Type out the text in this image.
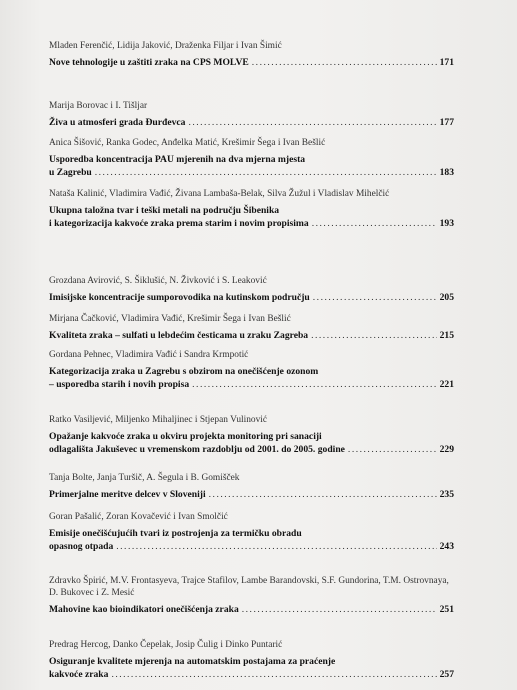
Mladen Ferenčić, Lidija Jaković, Draženka Filjar i Ivan Šimić

Nove tehnologije u zaštiti zraka na CPS MOLVE .....	171

Marija Borovac i I. Tišljar

Živa u atmosferi grada Đurđevca .....	177

Anica Šišović, Ranka Godec, Anđelka Matić, Krešimir Šega i Ivan Bešlić

Usporedba koncentracija PAU mjerenih na dva mjerna mjesta
u Zagrebu .....	183

Nataša Kalinić, Vladimira Vađić, Živana Lambaša-Belak, Silva Žužul i Vladislav Mihelčić

Ukupna taložna tvar i teški metali na području Šibenika
i kategorizacija kakvoće zraka prema starim i novim propisima .....	193

Grozdana Avirović, S. Šiklušić, N. Živković i S. Leaković

Imisijske koncentracije sumporovodika na kutinskom području .....	205

Mirjana Čačković, Vladimira Vađić, Krešimir Šega i Ivan Bešlić

Kvaliteta zraka – sulfati u lebdećim česticama u zraku Zagreba .....	215

Gordana Pehnec, Vladimira Vađić i Sandra Krmpotić

Kategorizacija zraka u Zagrebu s obzirom na onečišćenje ozonom
– usporedba starih i novih propisa .....	221

Ratko Vasiljević, Miljenko Mihaljinec i Stjepan Vulinović

Opažanje kakvoće zraka u okviru projekta monitoring pri sanaciji
odlagališta Jakuševec u vremenskom razdoblju od 2001. do 2005. godine .....	229

Tanja Bolte, Janja Turšič, A. Šegula i B. Gomišček

Primerjalne meritve delcev v Sloveniji .....	235

Goran Pašalić, Zoran Kovačević i Ivan Smolčić

Emisije onečišćujućih tvari iz postrojenja za termičku obradu
opasnog otpada .....	243

Zdravko Špirić, M.V. Frontasyeva, Trajce Stafilov, Lambe Barandovski, S.F. Gundorina, T.M. Ostrovnaya, D. Bukovec i Z. Mesić

Mahovine kao bioindikatori onečišćenja zraka .....	251

Predrag Hercog, Danko Čepelak, Josip Čulig i Dinko Puntarić

Osiguranje kvalitete mjerenja na automatskim postajama za praćenje
kakvoće zraka .....	257
